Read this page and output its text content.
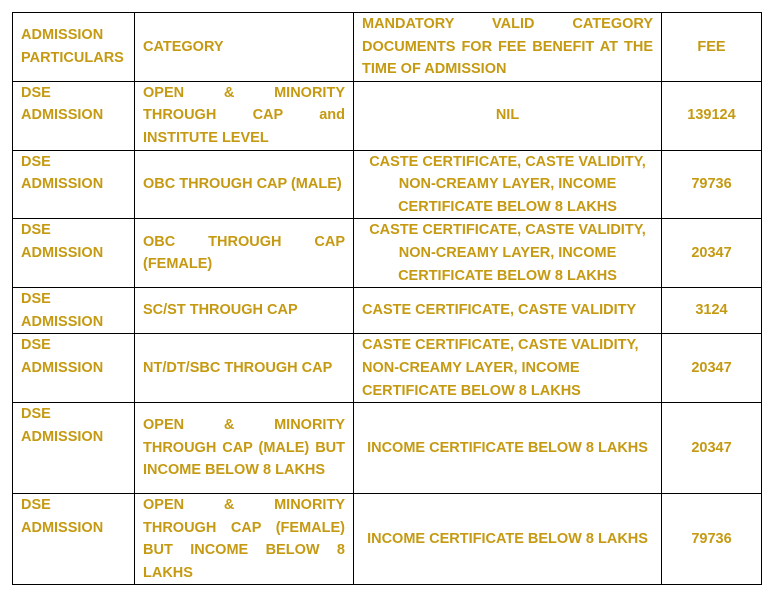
ADMISSION PARTICULARS	CATEGORY	MANDATORY VALID CATEGORY DOCUMENTS FOR FEE BENEFIT AT THE TIME OF ADMISSION	FEE
DSE ADMISSION	OPEN & MINORITY THROUGH CAP and INSTITUTE LEVEL	NIL	139124
DSE ADMISSION	OBC THROUGH CAP (MALE)	CASTE CERTIFICATE, CASTE VALIDITY, NON-CREAMY LAYER, INCOME CERTIFICATE BELOW 8 LAKHS	79736
DSE ADMISSION	OBC THROUGH CAP (FEMALE)	CASTE CERTIFICATE, CASTE VALIDITY, NON-CREAMY LAYER, INCOME CERTIFICATE BELOW 8 LAKHS	20347
DSE ADMISSION	SC/ST THROUGH CAP	CASTE CERTIFICATE, CASTE VALIDITY	3124
DSE ADMISSION	NT/DT/SBC THROUGH CAP	CASTE CERTIFICATE, CASTE VALIDITY, NON-CREAMY LAYER, INCOME CERTIFICATE BELOW 8 LAKHS	20347
DSE ADMISSION	OPEN & MINORITY THROUGH CAP (MALE) BUT INCOME BELOW 8 LAKHS	INCOME CERTIFICATE BELOW 8 LAKHS	20347
DSE ADMISSION	OPEN & MINORITY THROUGH CAP (FEMALE) BUT INCOME BELOW 8 LAKHS	INCOME CERTIFICATE BELOW 8 LAKHS	79736
